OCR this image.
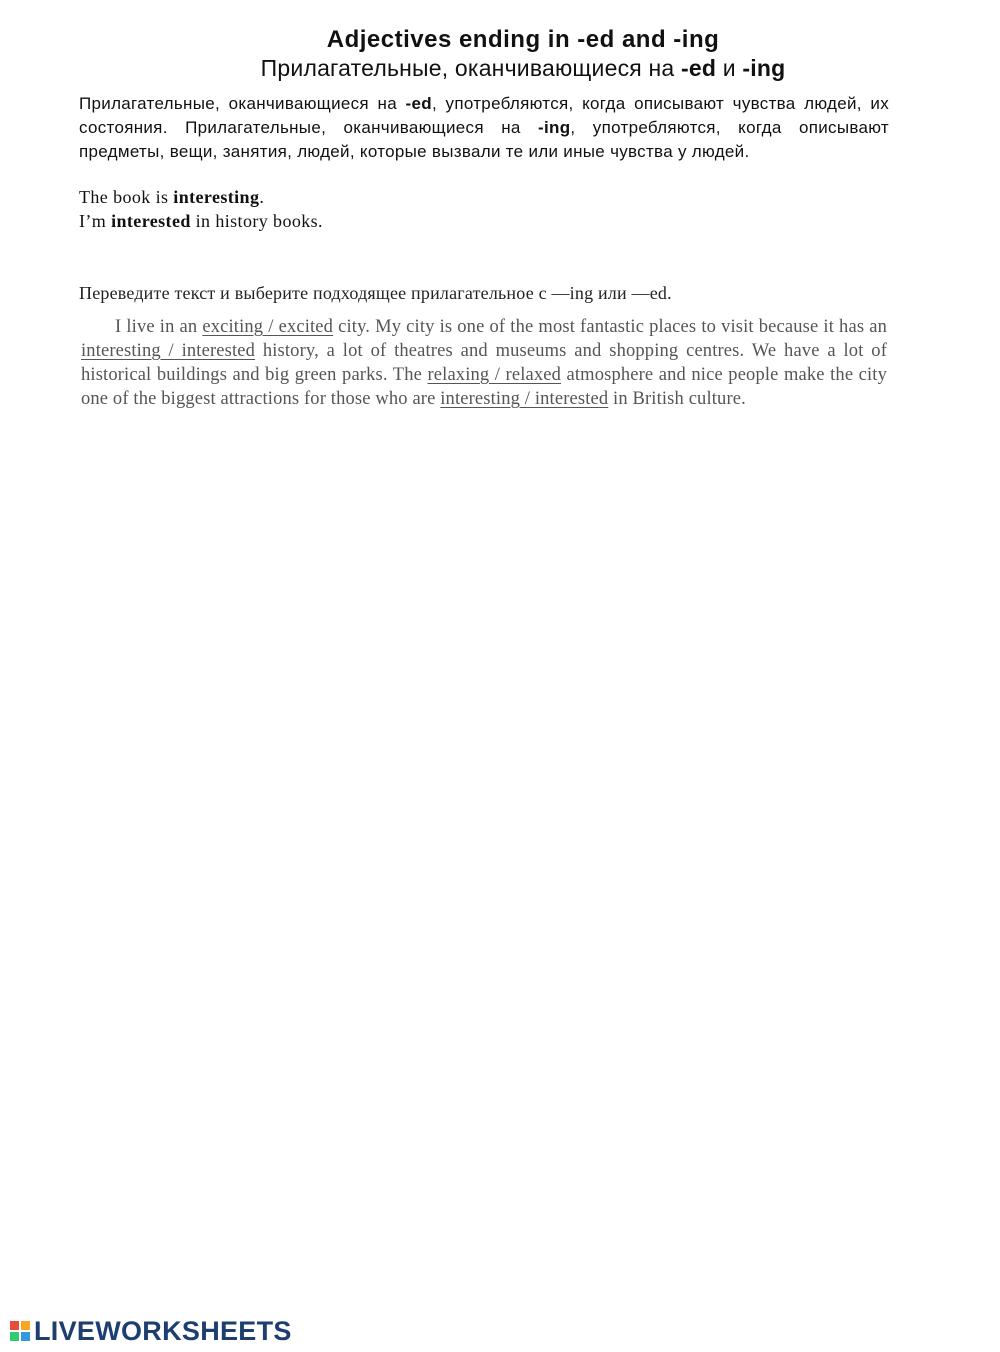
Adjectives ending in -ed and -ing
Прилагательные, оканчивающиеся на -ed и -ing
Прилагательные, оканчивающиеся на -ed, употребляются, когда описывают чувства людей, их состояния. Прилагательные, оканчивающиеся на -ing, употребляются, когда описывают предметы, вещи, занятия, людей, которые вызвали те или иные чувства у людей.
The book is interesting.
I’m interested in history books.
Переведите текст и выберите подходящее прилагательное с —ing или —ed.
I live in an exciting / excited city. My city is one of the most fantastic places to visit because it has an interesting / interested history, a lot of theatres and museums and shopping centres. We have a lot of historical buildings and big green parks. The relaxing / relaxed atmosphere and nice people make the city one of the biggest attractions for those who are interesting / interested in British culture.
LIVEWORKSHEETS
